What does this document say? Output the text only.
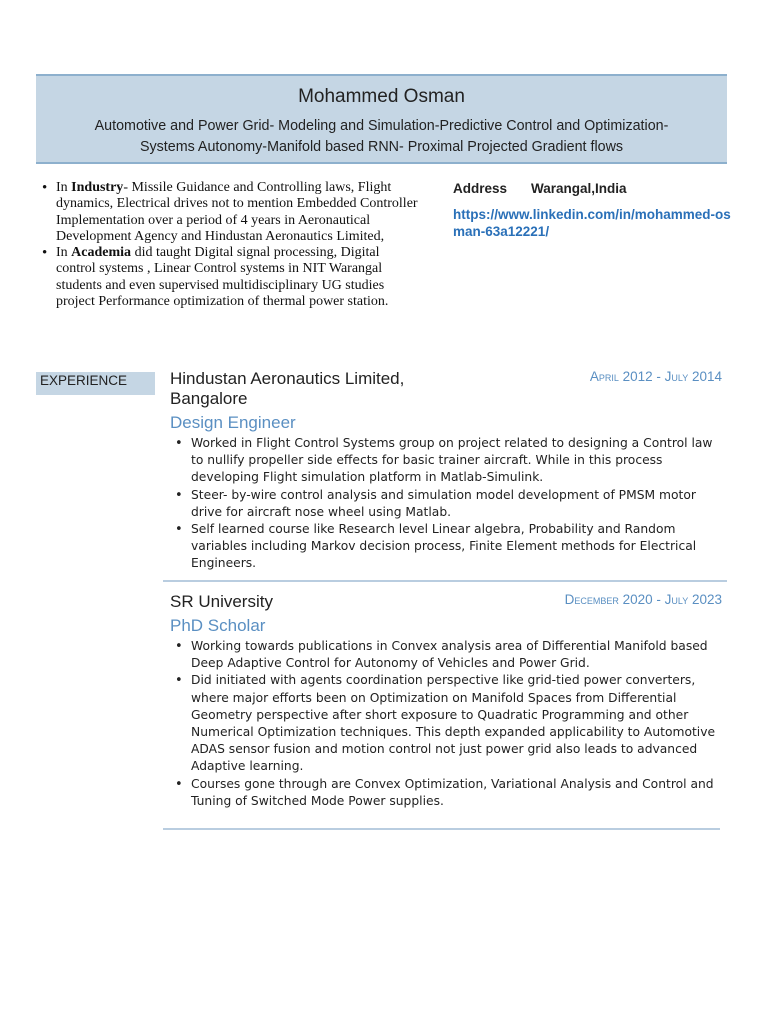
Mohammed Osman
Automotive and Power Grid- Modeling and Simulation-Predictive Control and Optimization-
Systems Autonomy-Manifold based RNN- Proximal Projected Gradient flows
• In Industry- Missile Guidance and Controlling laws, Flight dynamics, Electrical drives not to mention Embedded Controller Implementation over a period of 4 years in Aeronautical Development Agency and Hindustan Aeronautics Limited,
• In Academia did taught Digital signal processing, Digital control systems , Linear Control systems in NIT Warangal students and even supervised multidisciplinary UG studies project Performance optimization of thermal power station.
Address Warangal,India
https://www.linkedin.com/in/mohammed-osman-63a12221/
EXPERIENCE	Hindustan Aeronautics Limited, Bangalore
April 2012 - July 2014
Design Engineer
• Worked in Flight Control Systems group on project related to designing a Control law to nullify propeller side effects for basic trainer aircraft. While in this process developing Flight simulation platform in Matlab-Simulink.
• Steer- by-wire control analysis and simulation model development of PMSM motor drive for aircraft nose wheel using Matlab.
• Self learned course like Research level Linear algebra, Probability and Random variables including Markov decision process, Finite Element methods for Electrical Engineers.
SR University	December 2020 - July 2023
PhD Scholar
• Working towards publications in Convex analysis area of Differential Manifold based Deep Adaptive Control for Autonomy of Vehicles and Power Grid.
• Did initiated with agents coordination perspective like grid-tied power converters, where major efforts been on Optimization on Manifold Spaces from Differential Geometry perspective after short exposure to Quadratic Programming and other Numerical Optimization techniques. This depth expanded applicability to Automotive ADAS sensor fusion and motion control not just power grid also leads to advanced Adaptive learning.
• Courses gone through are Convex Optimization, Variational Analysis and Control and Tuning of Switched Mode Power supplies.
